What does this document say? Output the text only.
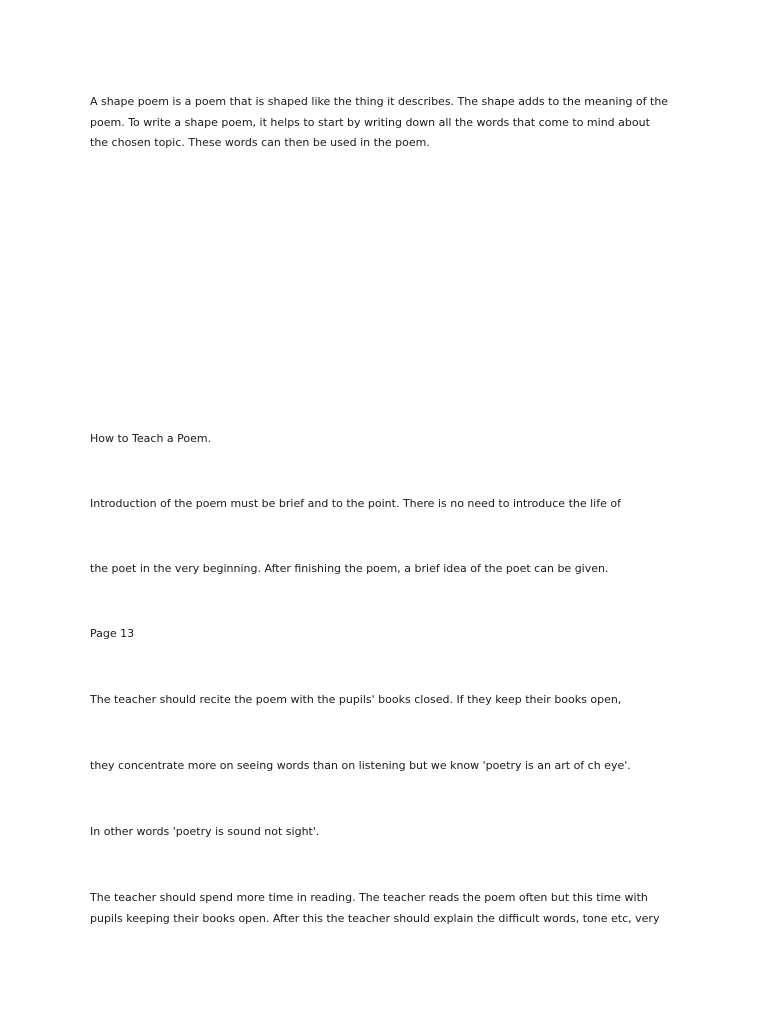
A shape poem is a poem that is shaped like the thing it describes. The shape adds to the meaning of the
poem. To write a shape poem, it helps to start by writing down all the words that come to mind about
the chosen topic. These words can then be used in the poem.

How to Teach a Poem.

Introduction of the poem must be brief and to the point. There is no need to introduce the life of

the poet in the very beginning. After finishing the poem, a brief idea of the poet can be given.

Page 13

The teacher should recite the poem with the pupils' books closed. If they keep their books open,

they concentrate more on seeing words than on listening but we know 'poetry is an art of ch eye'.

In other words 'poetry is sound not sight'.

The teacher should spend more time in reading. The teacher reads the poem often but this time with
pupils keeping their books open. After this the teacher should explain the difficult words, tone etc, very
